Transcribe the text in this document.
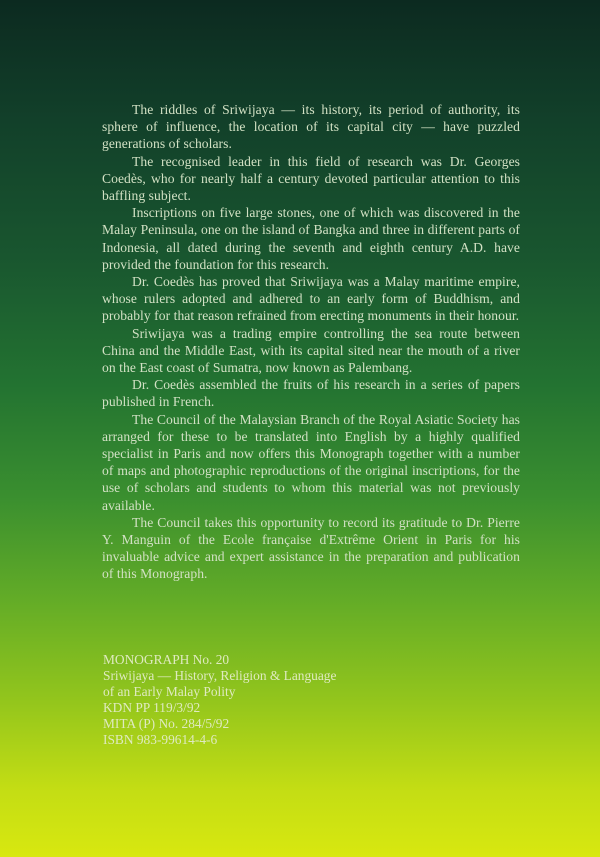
The riddles of Sriwijaya — its history, its period of authority, its sphere of influence, the location of its capital city — have puzzled generations of scholars.

The recognised leader in this field of research was Dr. Georges Coedès, who for nearly half a century devoted particular attention to this baffling subject.

Inscriptions on five large stones, one of which was discovered in the Malay Peninsula, one on the island of Bangka and three in different parts of Indonesia, all dated during the seventh and eighth century A.D. have provided the foundation for this research.

Dr. Coedès has proved that Sriwijaya was a Malay maritime empire, whose rulers adopted and adhered to an early form of Buddhism, and probably for that reason refrained from erecting monuments in their honour.

Sriwijaya was a trading empire controlling the sea route between China and the Middle East, with its capital sited near the mouth of a river on the East coast of Sumatra, now known as Palembang.

Dr. Coedès assembled the fruits of his research in a series of papers published in French.

The Council of the Malaysian Branch of the Royal Asiatic Society has arranged for these to be translated into English by a highly qualified specialist in Paris and now offers this Monograph together with a number of maps and photographic reproductions of the original inscriptions, for the use of scholars and students to whom this material was not previously available.

The Council takes this opportunity to record its gratitude to Dr. Pierre Y. Manguin of the Ecole française d'Extrême Orient in Paris for his invaluable advice and expert assistance in the preparation and publication of this Monograph.

MONOGRAPH No. 20
Sriwijaya — History, Religion & Language
of an Early Malay Polity
KDN PP 119/3/92
MITA (P) No. 284/5/92
ISBN 983-99614-4-6
